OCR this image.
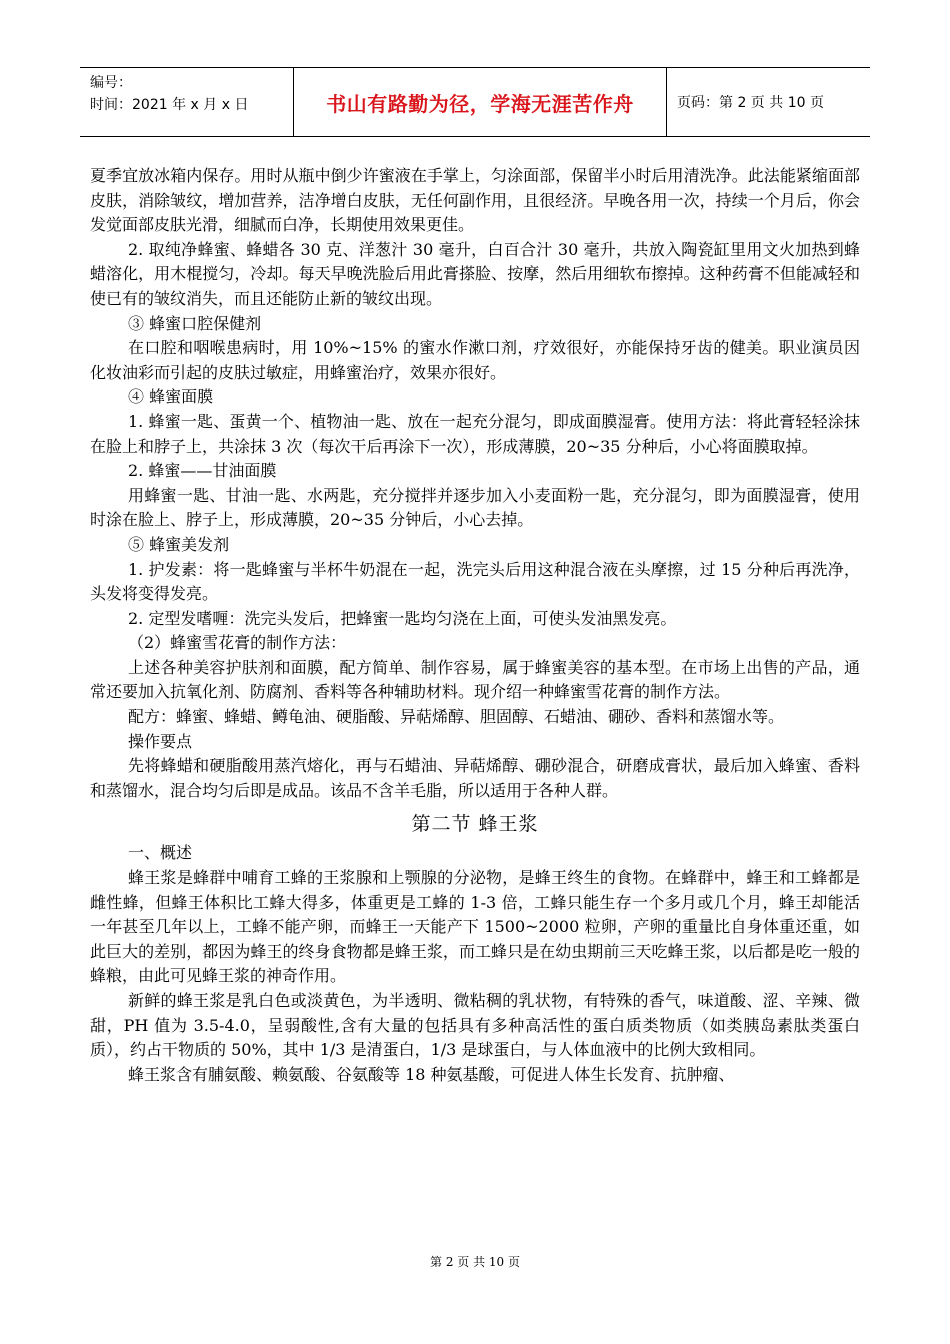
编号：
时间：2021 年 x 月 x 日	书山有路勤为径，学海无涯苦作舟	页码：第 2 页 共 10 页

夏季宜放冰箱内保存。用时从瓶中倒少许蜜液在手掌上，匀涂面部，保留半小时后用清洗净。此法能紧缩面部皮肤，消除皱纹，增加营养，洁净增白皮肤，无任何副作用，且很经济。早晚各用一次，持续一个月后，你会发觉面部皮肤光滑，细腻而白净，长期使用效果更佳。

2. 取纯净蜂蜜、蜂蜡各 30 克、洋葱汁 30 毫升，白百合汁 30 毫升，共放入陶瓷缸里用文火加热到蜂蜡溶化，用木棍搅匀，冷却。每天早晚洗脸后用此膏搽脸、按摩，然后用细软布擦掉。这种药膏不但能减轻和使已有的皱纹消失，而且还能防止新的皱纹出现。

③ 蜂蜜口腔保健剂

在口腔和咽喉患病时，用 10%~15% 的蜜水作漱口剂，疗效很好，亦能保持牙齿的健美。职业演员因化妆油彩而引起的皮肤过敏症，用蜂蜜治疗，效果亦很好。

④ 蜂蜜面膜

1. 蜂蜜一匙、蛋黄一个、植物油一匙、放在一起充分混匀，即成面膜湿膏。使用方法：将此膏轻轻涂抹在脸上和脖子上，共涂抹 3 次（每次干后再涂下一次），形成薄膜，20~35 分种后，小心将面膜取掉。

2. 蜂蜜——甘油面膜

用蜂蜜一匙、甘油一匙、水两匙，充分搅拌并逐步加入小麦面粉一匙，充分混匀，即为面膜湿膏，使用时涂在脸上、脖子上，形成薄膜，20~35 分钟后，小心去掉。

⑤ 蜂蜜美发剂

1. 护发素：将一匙蜂蜜与半杯牛奶混在一起，洗完头后用这种混合液在头摩擦，过 15 分种后再洗净，头发将变得发亮。

2. 定型发嗜喱：洗完头发后，把蜂蜜一匙均匀浇在上面，可使头发油黑发亮。

（2）蜂蜜雪花膏的制作方法：

上述各种美容护肤剂和面膜，配方简单、制作容易，属于蜂蜜美容的基本型。在市场上出售的产品，通常还要加入抗氧化剂、防腐剂、香料等各种辅助材料。现介绍一种蜂蜜雪花膏的制作方法。

配方：蜂蜜、蜂蜡、鳟龟油、硬脂酸、异萜烯醇、胆固醇、石蜡油、硼砂、香料和蒸馏水等。

操作要点

先将蜂蜡和硬脂酸用蒸汽熔化，再与石蜡油、异萜烯醇、硼砂混合，研磨成膏状，最后加入蜂蜜、香料和蒸馏水，混合均匀后即是成品。该品不含羊毛脂，所以适用于各种人群。

第二节 蜂王浆

一、概述

蜂王浆是蜂群中哺育工蜂的王浆腺和上颚腺的分泌物，是蜂王终生的食物。在蜂群中，蜂王和工蜂都是雌性蜂，但蜂王体积比工蜂大得多，体重更是工蜂的 1-3 倍，工蜂只能生存一个多月或几个月，蜂王却能活一年甚至几年以上，工蜂不能产卵，而蜂王一天能产下 1500~2000 粒卵，产卵的重量比自身体重还重，如此巨大的差别，都因为蜂王的终身食物都是蜂王浆，而工蜂只是在幼虫期前三天吃蜂王浆，以后都是吃一般的蜂粮，由此可见蜂王浆的神奇作用。

新鲜的蜂王浆是乳白色或淡黄色，为半透明、微粘稠的乳状物，有特殊的香气，味道酸、涩、辛辣、微甜，PH 值为 3.5-4.0，呈弱酸性,含有大量的包括具有多种高活性的蛋白质类物质（如类胰岛素肽类蛋白质），约占干物质的 50%，其中 1/3 是清蛋白，1/3 是球蛋白，与人体血液中的比例大致相同。

蜂王浆含有脯氨酸、赖氨酸、谷氨酸等 18 种氨基酸，可促进人体生长发育、抗肿瘤、

第 2 页 共 10 页
